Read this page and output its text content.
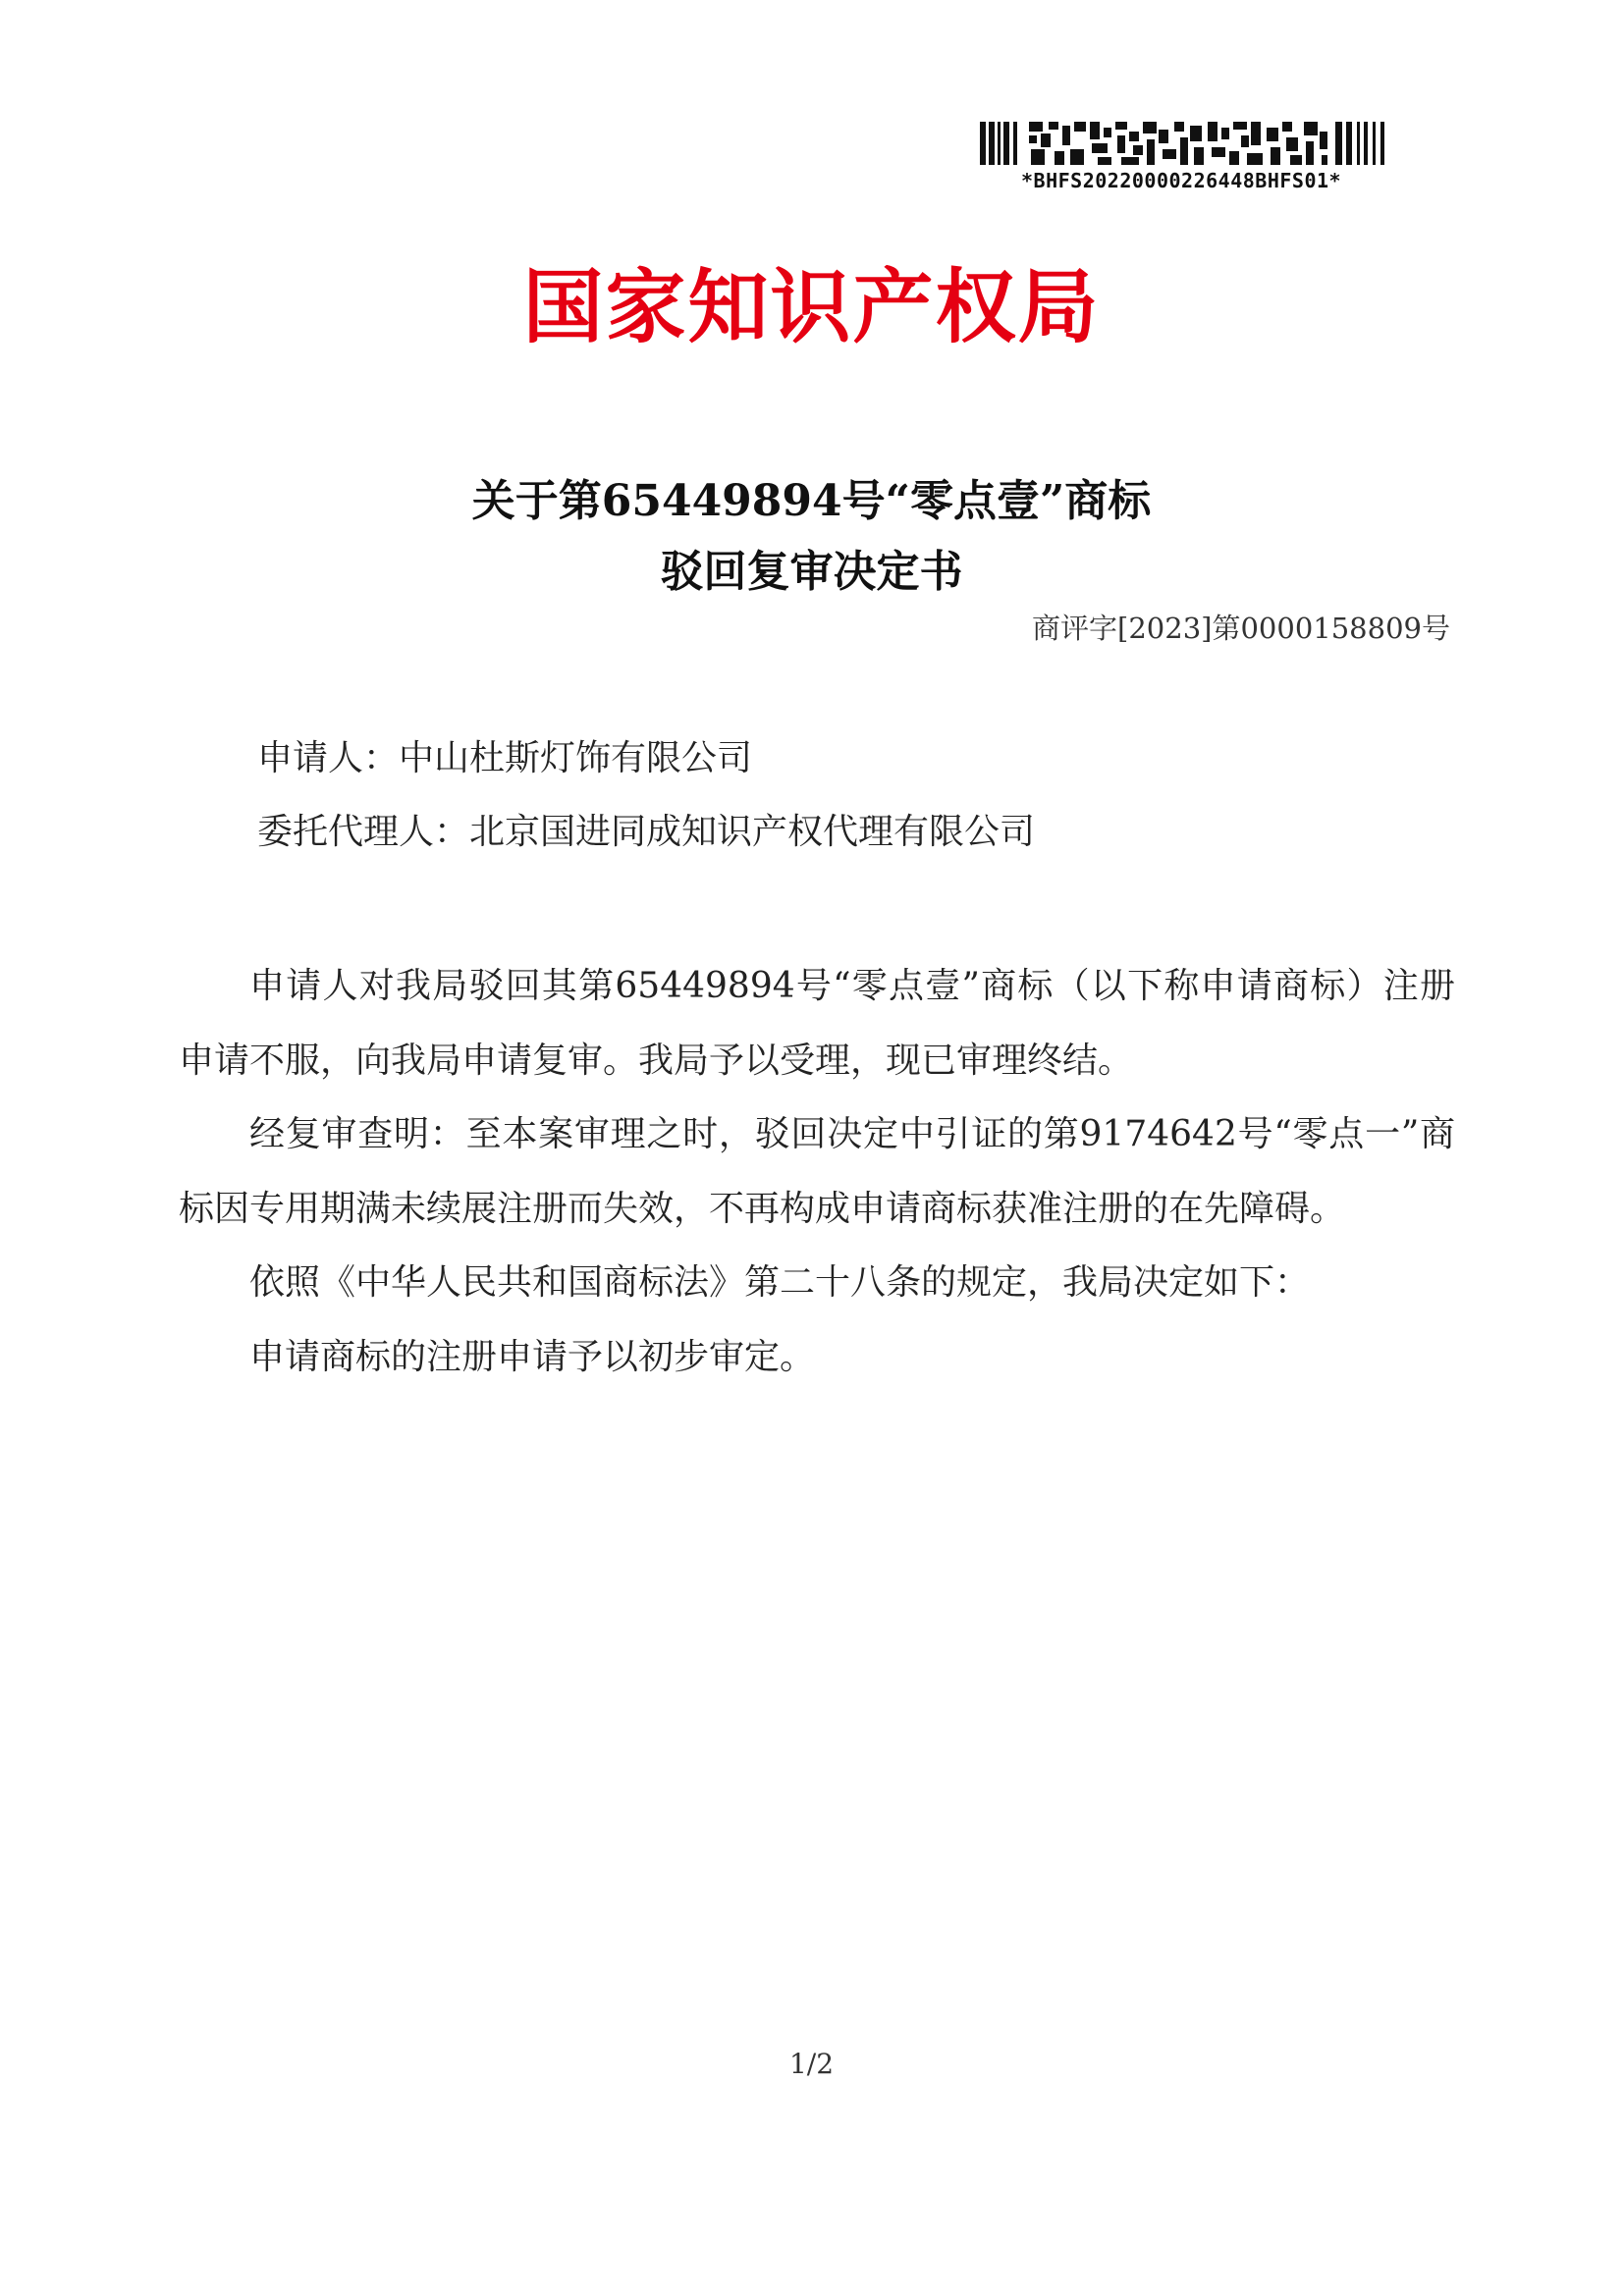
*BHFS20220000226448BHFS01*
国家知识产权局
关于第65449894号“零点壹”商标
驳回复审决定书
商评字[2023]第0000158809号
申请人：中山杜斯灯饰有限公司
委托代理人：北京国进同成知识产权代理有限公司

申请人对我局驳回其第65449894号“零点壹”商标（以下称申请商标）注册申请不服，向我局申请复审。我局予以受理，现已审理终结。

经复审查明：至本案审理之时，驳回决定中引证的第9174642号“零点一”商标因专用期满未续展注册而失效，不再构成申请商标获准注册的在先障碍。

依照《中华人民共和国商标法》第二十八条的规定，我局决定如下：

申请商标的注册申请予以初步审定。

1/2
